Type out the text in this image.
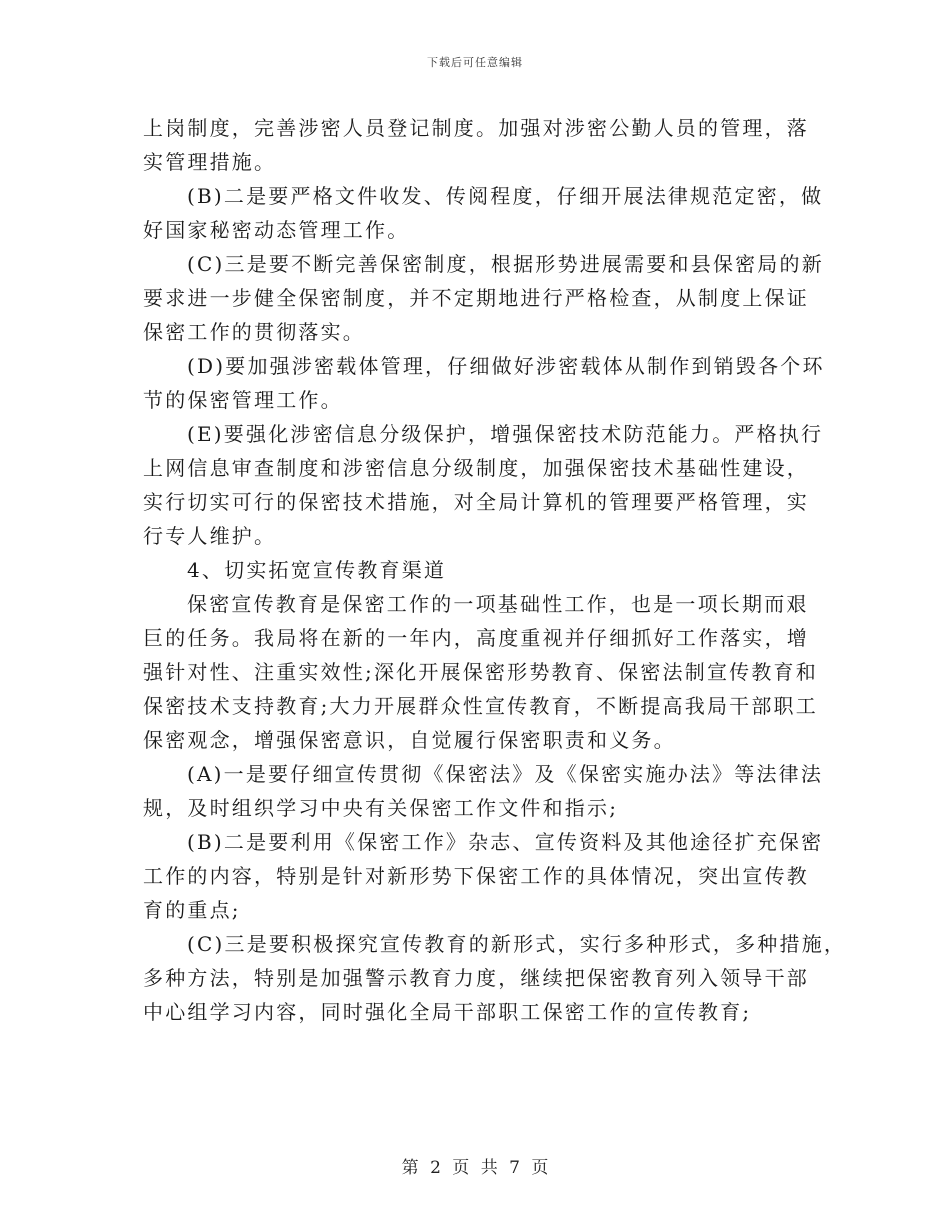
下载后可任意编辑
上岗制度，完善涉密人员登记制度。加强对涉密公勤人员的管理，落
实管理措施。
(B)二是要严格文件收发、传阅程度，仔细开展法律规范定密，做
好国家秘密动态管理工作。
(C)三是要不断完善保密制度，根据形势进展需要和县保密局的新
要求进一步健全保密制度，并不定期地进行严格检查，从制度上保证
保密工作的贯彻落实。
(D)要加强涉密载体管理，仔细做好涉密载体从制作到销毁各个环
节的保密管理工作。
(E)要强化涉密信息分级保护，增强保密技术防范能力。严格执行
上网信息审查制度和涉密信息分级制度，加强保密技术基础性建设，
实行切实可行的保密技术措施，对全局计算机的管理要严格管理，实
行专人维护。
4、切实拓宽宣传教育渠道
保密宣传教育是保密工作的一项基础性工作，也是一项长期而艰
巨的任务。我局将在新的一年内，高度重视并仔细抓好工作落实，增
强针对性、注重实效性;深化开展保密形势教育、保密法制宣传教育和
保密技术支持教育;大力开展群众性宣传教育，不断提高我局干部职工
保密观念，增强保密意识，自觉履行保密职责和义务。
(A)一是要仔细宣传贯彻《保密法》及《保密实施办法》等法律法
规，及时组织学习中央有关保密工作文件和指示;
(B)二是要利用《保密工作》杂志、宣传资料及其他途径扩充保密
工作的内容，特别是针对新形势下保密工作的具体情况，突出宣传教
育的重点;
(C)三是要积极探究宣传教育的新形式，实行多种形式，多种措施，
多种方法，特别是加强警示教育力度，继续把保密教育列入领导干部
中心组学习内容，同时强化全局干部职工保密工作的宣传教育;
第 2 页 共 7 页
